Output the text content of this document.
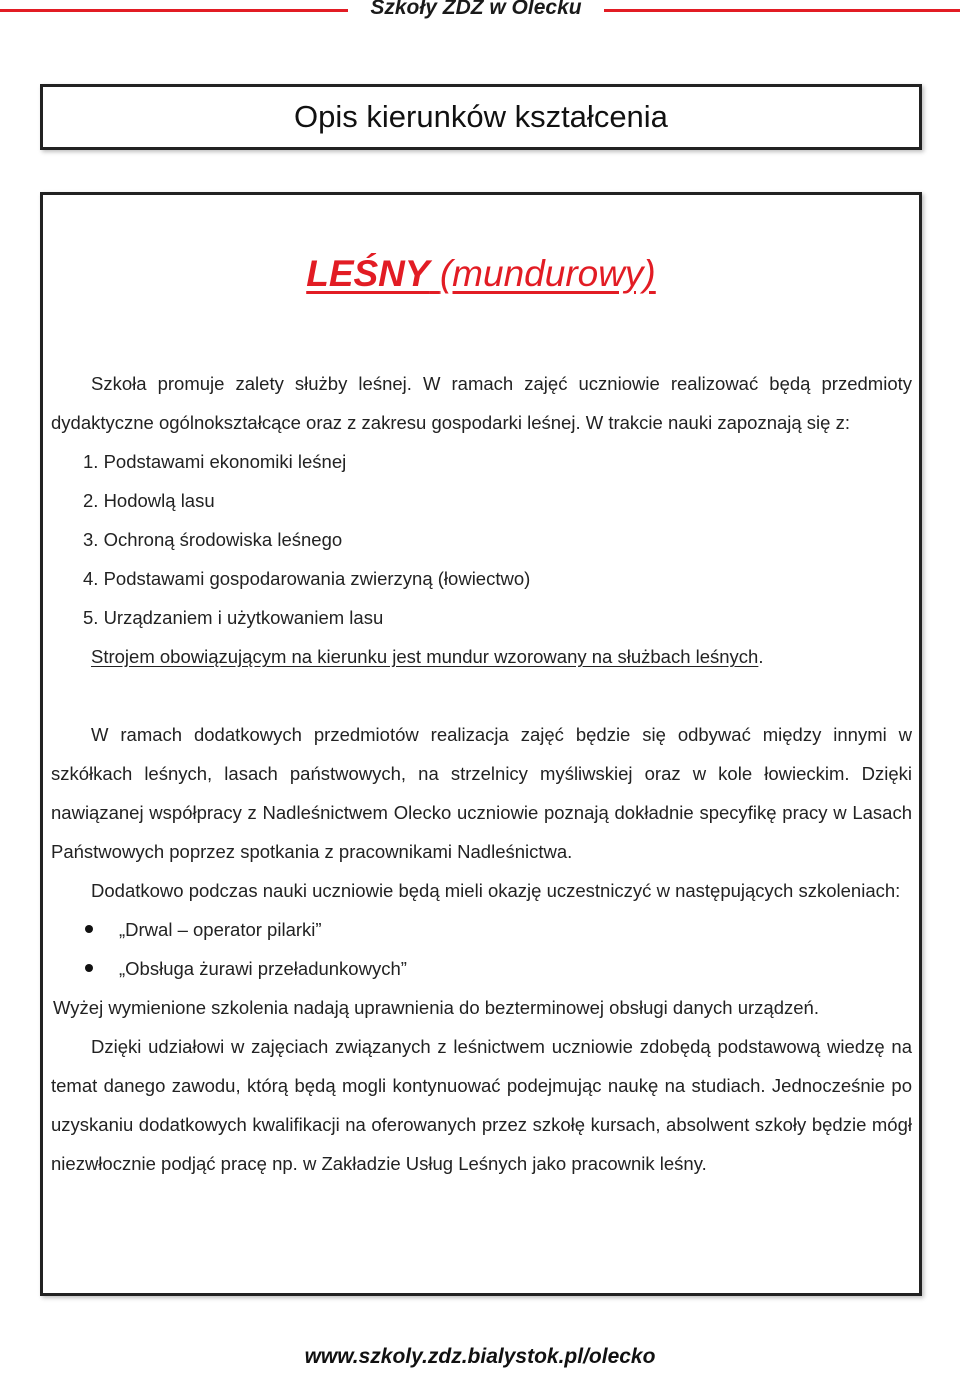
Szkoły ZDZ w Olecku
Opis kierunków kształcenia
LEŚNY (mundurowy)

Szkoła promuje zalety służby leśnej. W ramach zajęć uczniowie realizować będą przedmioty dydaktyczne ogólnokształcące oraz z zakresu gospodarki leśnej. W trakcie nauki zapoznają się z:

1. Podstawami ekonomiki leśnej
2. Hodowlą lasu
3. Ochroną środowiska leśnego
4. Podstawami gospodarowania zwierzyną (łowiectwo)
5. Urządzaniem i użytkowaniem lasu

Strojem obowiązującym na kierunku jest mundur wzorowany na służbach leśnych.

W ramach dodatkowych przedmiotów realizacja zajęć będzie się odbywać między innymi w szkółkach leśnych, lasach państwowych, na strzelnicy myśliwskiej oraz w kole łowieckim. Dzięki nawiązanej współpracy z Nadleśnictwem Olecko uczniowie poznają dokładnie specyfikę pracy w Lasach Państwowych poprzez spotkania z pracownikami Nadleśnictwa.

Dodatkowo podczas nauki uczniowie będą mieli okazję uczestniczyć w następujących szkoleniach:

„Drwal – operator pilarki”
„Obsługa żurawi przeładunkowych”

Wyżej wymienione szkolenia nadają uprawnienia do bezterminowej obsługi danych urządzeń.

Dzięki udziałowi w zajęciach związanych z leśnictwem uczniowie zdobędą podstawową wiedzę na temat danego zawodu, którą będą mogli kontynuować podejmując naukę na studiach. Jednocześnie po uzyskaniu dodatkowych kwalifikacji na oferowanych przez szkołę kursach, absolwent szkoły będzie mógł niezwłocznie podjąć pracę np. w Zakładzie Usług Leśnych jako pracownik leśny.

www.szkoly.zdz.bialystok.pl/olecko
